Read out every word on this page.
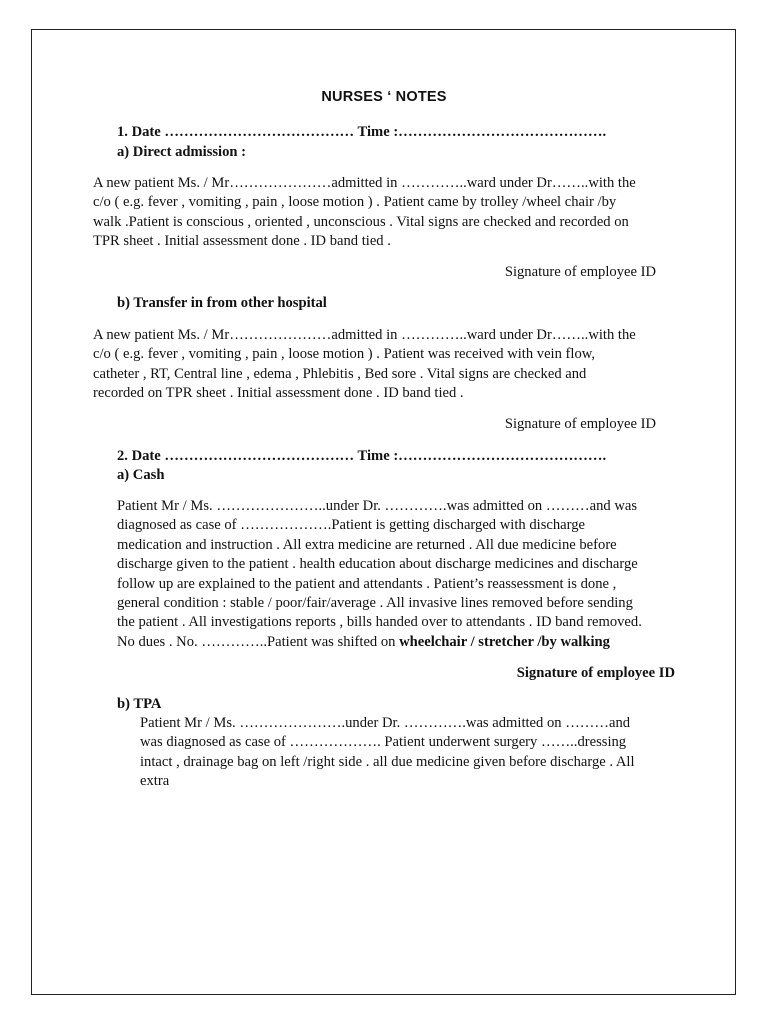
NURSES ‘ NOTES
1. Date ………………………………… Time :…………………………………….
a) Direct admission :
A new patient Ms. / Mr…………………admitted in …………..ward under Dr……..with the
c/o ( e.g. fever , vomiting , pain , loose motion ) . Patient came by trolley /wheel chair /by
walk .Patient is conscious , oriented , unconscious . Vital signs are checked and recorded on
TPR sheet . Initial assessment done . ID band tied .
Signature of employee ID
b) Transfer in from other hospital
A new patient Ms. / Mr…………………admitted in …………..ward under Dr……..with the
c/o ( e.g. fever , vomiting , pain , loose motion ) . Patient was received with vein flow,
catheter , RT, Central line , edema , Phlebitis , Bed sore . Vital signs are checked and
recorded on TPR sheet . Initial assessment done . ID band tied .
Signature of employee ID
2. Date ………………………………… Time :…………………………………….
a) Cash
Patient Mr / Ms. …………………..under Dr. ………….was admitted on ………and was
diagnosed as case of ……………….Patient is getting discharged with discharge
medication and instruction . All extra medicine are returned . All due medicine before
discharge given to the patient . health education about discharge medicines and discharge
follow up are explained to the patient and attendants . Patient’s reassessment is done ,
general condition : stable / poor/fair/average . All invasive lines removed before sending
the patient . All investigations reports , bills handed over to attendants . ID band removed.
No dues . No. …………..Patient was shifted on wheelchair / stretcher /by walking
Signature of employee ID
b) TPA
Patient Mr / Ms. ………………….under Dr. ………….was admitted on ………and
was diagnosed as case of ………………. Patient underwent surgery ……..dressing
intact , drainage bag on left /right side . all due medicine given before discharge . All
extra
